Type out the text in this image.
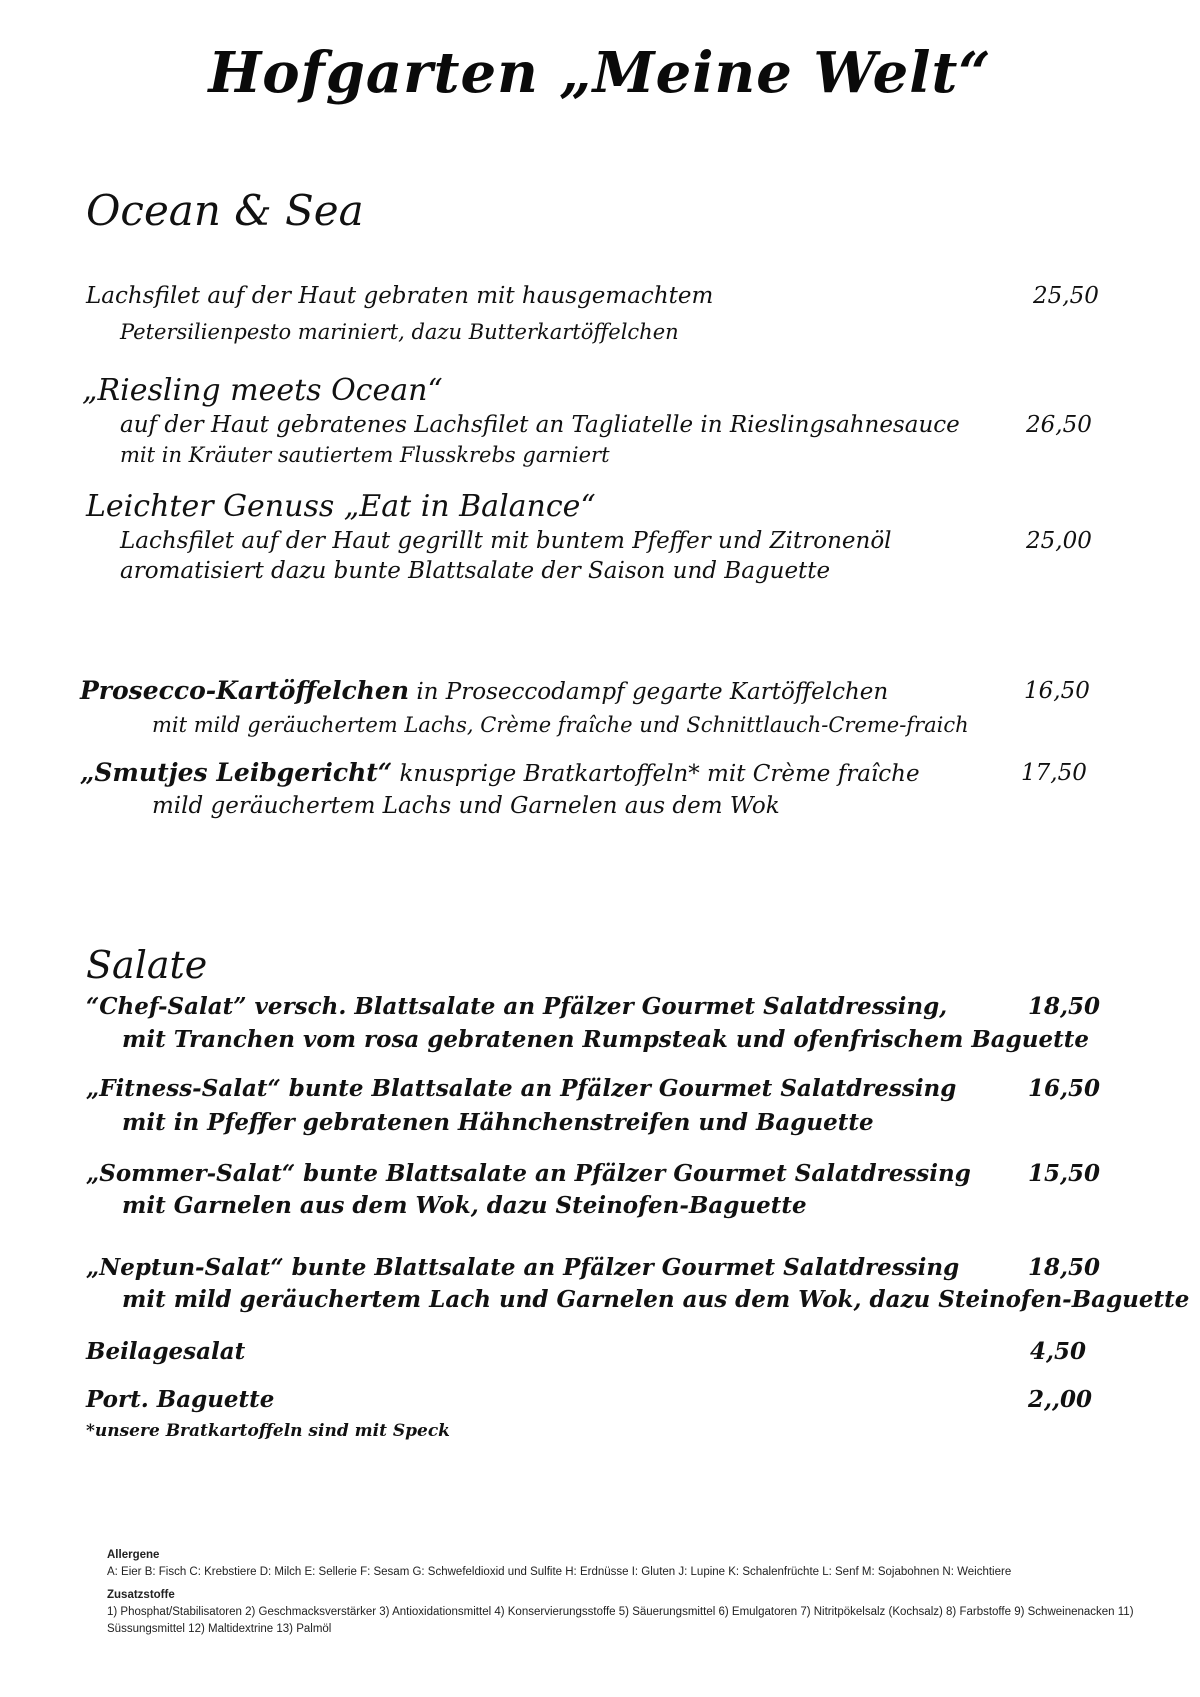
Hofgarten „Meine Welt“
Ocean & Sea
Lachsfilet auf der Haut gebraten mit hausgemachtem
Petersilienpesto mariniert, dazu Butterkartöffelchen
25,50
„Riesling meets Ocean“
auf der Haut gebratenes Lachsfilet an Tagliatelle in Rieslingsahnesauce
mit in Kräuter sautiertem Flusskrebs garniert
26,50
Leichter Genuss „Eat in Balance“
Lachsfilet auf der Haut gegrillt mit buntem Pfeffer und Zitronenöl
aromatisiert dazu bunte Blattsalate der Saison und Baguette
25,00
Prosecco-Kartöffelchen in Proseccodampf gegarte Kartöffelchen
mit mild geräuchertem Lachs, Crème fraîche und Schnittlauch-Creme-fraich
16,50
„Smutjes Leibgericht“ knusprige Bratkartoffeln* mit Crème fraîche
mild geräuchertem Lachs und Garnelen aus dem Wok
17,50
Salate
“Chef-Salat” versch. Blattsalate an Pfälzer Gourmet Salatdressing,
mit Tranchen vom rosa gebratenen Rumpsteak und ofenfrischem Baguette
18,50
„Fitness-Salat“ bunte Blattsalate an Pfälzer Gourmet Salatdressing
mit in Pfeffer gebratenen Hähnchenstreifen und Baguette
16,50
„Sommer-Salat“ bunte Blattsalate an Pfälzer Gourmet Salatdressing
mit Garnelen aus dem Wok, dazu Steinofen-Baguette
15,50
„Neptun-Salat“ bunte Blattsalate an Pfälzer Gourmet Salatdressing
mit mild geräuchertem Lach und Garnelen aus dem Wok, dazu Steinofen-Baguette
18,50
Beilagesalat	4,50
Port. Baguette	2,,00
*unsere Bratkartoffeln sind mit Speck
Allergene
A: Eier B: Fisch C: Krebstiere D: Milch E: Sellerie F: Sesam G: Schwefeldioxid und Sulfite H: Erdnüsse I: Gluten J: Lupine K: Schalenfrüchte L: Senf M: Sojabohnen N: Weichtiere
Zusatzstoffe
1) Phosphat/Stabilisatoren 2) Geschmacksverstärker 3) Antioxidationsmittel 4) Konservierungsstoffe 5) Säuerungsmittel 6) Emulgatoren 7) Nitritpökelsalz (Kochsalz) 8) Farbstoffe 9) Schweinenacken 11) Süssungsmittel 12) Maltidextrine 13) Palmöl
